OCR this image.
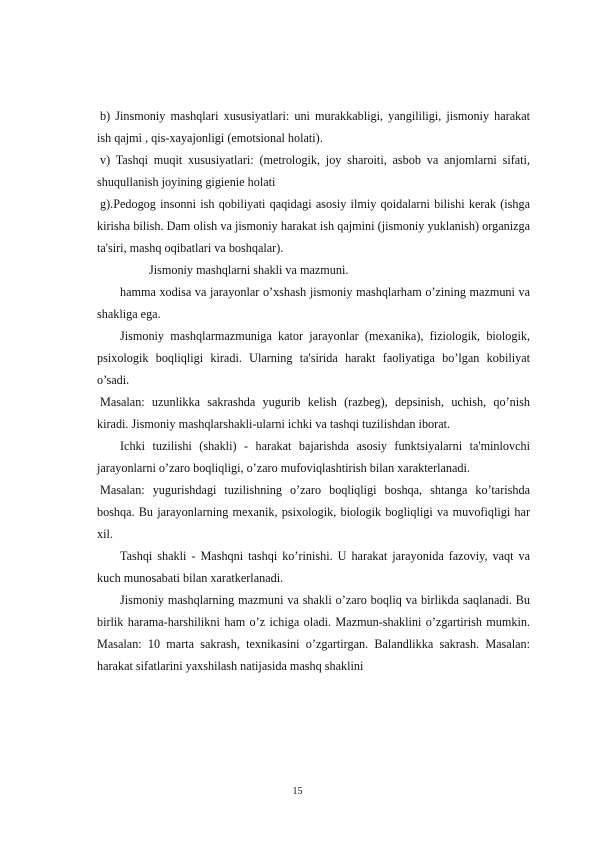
b) Jinsmoniy mashqlari xususiyatlari: uni murakkabligi, yangililigi, jismoniy harakat ish qajmi , qis-xayajonligi (emotsional holati).

v) Tashqi muqit xususiyatlari: (metrologik, joy sharoiti, asbob va anjomlarni sifati, shuqullanish joyining gigienie holati

g).Pedogog insonni ish qobiliyati qaqidagi asosiy ilmiy qoidalarni bilishi kerak (ishga kirisha bilish. Dam olish va jismoniy harakat ish qajmini (jismoniy yuklanish) organizga ta'siri, mashq oqibatlari va boshqalar).

Jismoniy mashqlarni shakli va mazmuni.

hamma xodisa va jarayonlar o’xshash jismoniy mashqlarham o’zining mazmuni va shakliga ega.

Jismoniy mashqlarmazmuniga kator jarayonlar (mexanika), fiziologik, biologik, psixologik boqliqligi kiradi. Ularning ta'sirida harakt faoliyatiga bo’lgan kobiliyat o’sadi.

Masalan: uzunlikka sakrashda yugurib kelish (razbeg), depsinish, uchish, qo’nish kiradi. Jismoniy mashqlarshakli-ularni ichki va tashqi tuzilishdan iborat.

Ichki tuzilishi (shakli) - harakat bajarishda asosiy funktsiyalarni ta'minlovchi jarayonlarni o’zaro boqliqligi, o’zaro mufoviqlashtirish bilan xarakterlanadi.

Masalan: yugurishdagi tuzilishning o’zaro boqliqligi boshqa, shtanga ko’tarishda boshqa. Bu jarayonlarning mexanik, psixologik, biologik bogliqligi va muvofiqligi har xil.

Tashqi shakli - Mashqni tashqi ko’rinishi. U harakat jarayonida fazoviy, vaqt va kuch munosabati bilan xaratkerlanadi.

Jismoniy mashqlarning mazmuni va shakli o’zaro boqliq va birlikda saqlanadi. Bu birlik harama-harshilikni ham o’z ichiga oladi. Mazmun-shaklini o’zgartirish mumkin. Masalan: 10 marta sakrash, texnikasini o’zgartirgan. Balandlikka sakrash. Masalan: harakat sifatlarini yaxshilash natijasida mashq shaklini

15
